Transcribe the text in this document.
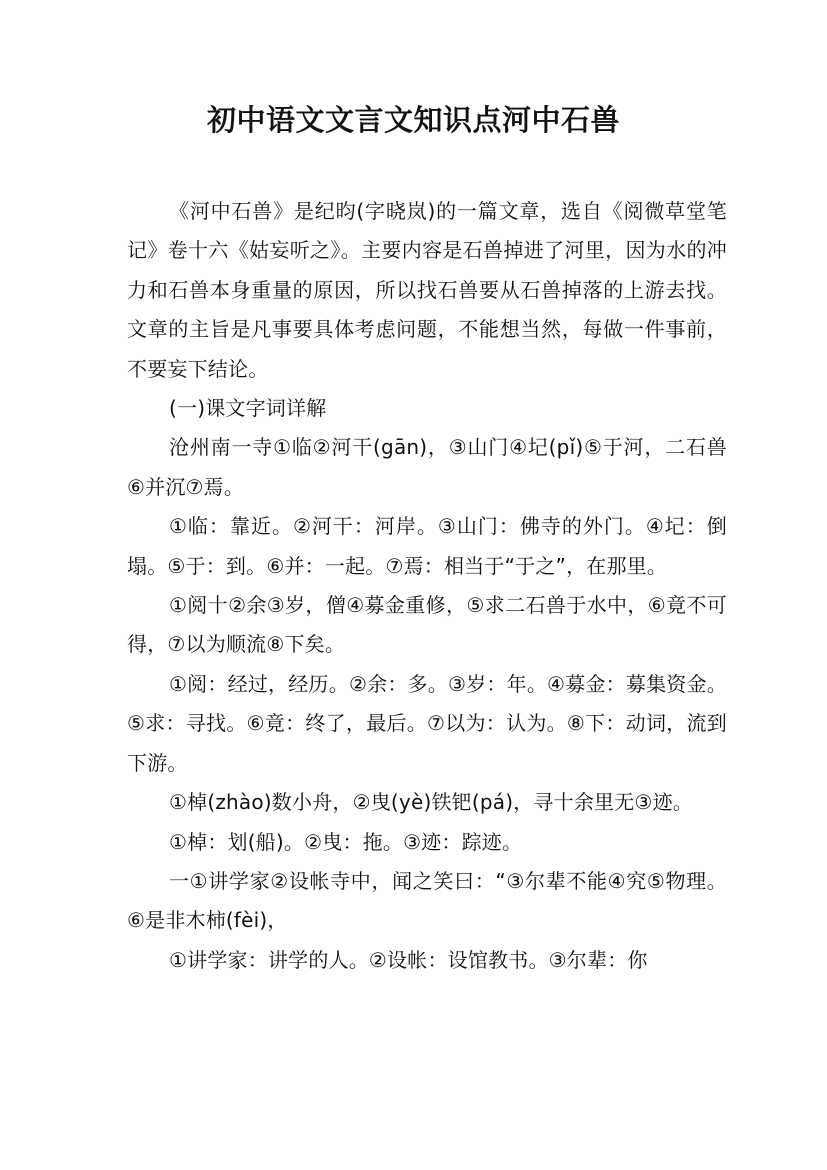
初中语文文言文知识点河中石兽

《河中石兽》是纪昀(字晓岚)的一篇文章，选自《阅微草堂笔记》卷十六《姑妄听之》。主要内容是石兽掉进了河里，因为水的冲力和石兽本身重量的原因，所以找石兽要从石兽掉落的上游去找。文章的主旨是凡事要具体考虑问题，不能想当然，每做一件事前，不要妄下结论。

(一)课文字词详解

沧州南一寺①临②河干(gān)，③山门④圮(pǐ)⑤于河，二石兽⑥并沉⑦焉。

①临：靠近。②河干：河岸。③山门：佛寺的外门。④圮：倒塌。⑤于：到。⑥并：一起。⑦焉：相当于“于之”，在那里。

①阅十②余③岁，僧④募金重修，⑤求二石兽于水中，⑥竟不可得，⑦以为顺流⑧下矣。

①阅：经过，经历。②余：多。③岁：年。④募金：募集资金。⑤求：寻找。⑥竟：终了，最后。⑦以为：认为。⑧下：动词，流到下游。

①棹(zhào)数小舟，②曳(yè)铁钯(pá)，寻十余里无③迹。

①棹：划(船)。②曳：拖。③迹：踪迹。

一①讲学家②设帐寺中，闻之笑曰：“③尔辈不能④究⑤物理。⑥是非木柿(fèi)，

①讲学家：讲学的人。②设帐：设馆教书。③尔辈：你
